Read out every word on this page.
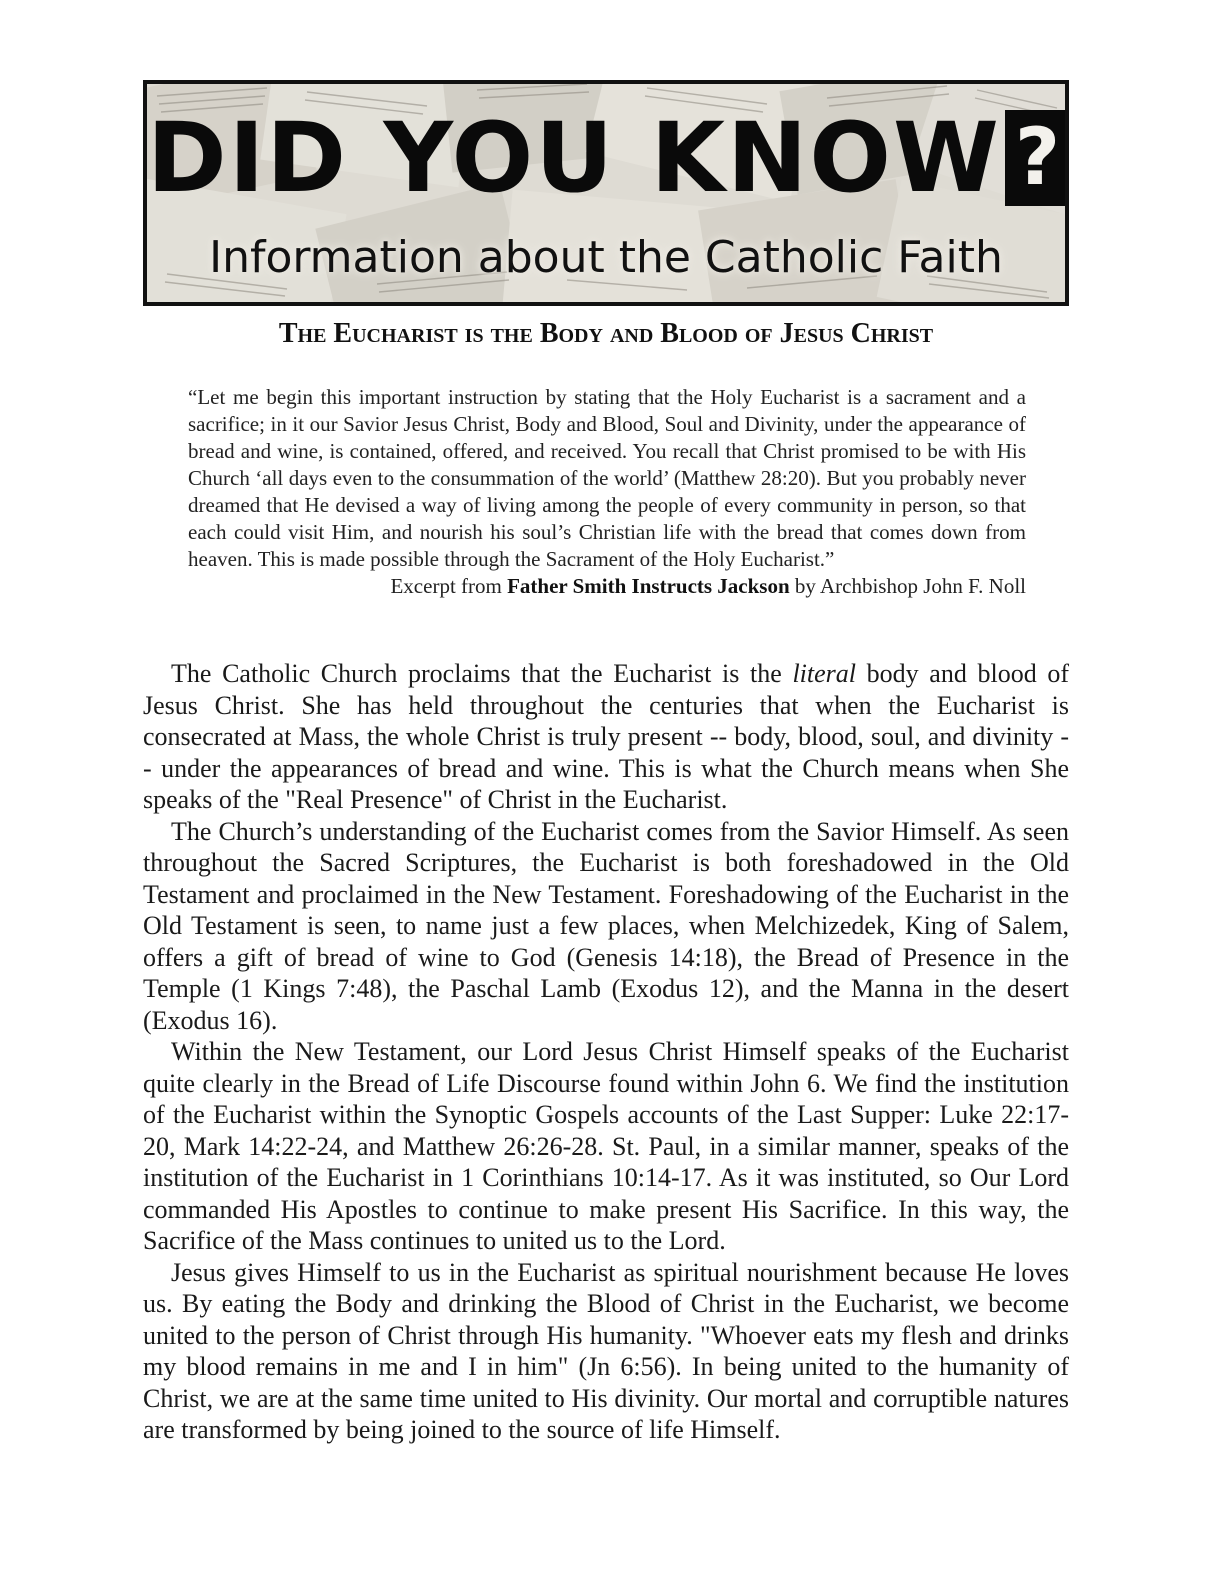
DID YOU KNOW ?
Information about the Catholic Faith
The Eucharist is the Body and Blood of Jesus Christ

“Let me begin this important instruction by stating that the Holy Eucharist is a sacrament and a sacrifice; in it our Savior Jesus Christ, Body and Blood, Soul and Divinity, under the appearance of bread and wine, is contained, offered, and received. You recall that Christ promised to be with His Church ‘all days even to the consummation of the world’ (Matthew 28:20). But you probably never dreamed that He devised a way of living among the people of every community in person, so that each could visit Him, and nourish his soul’s Christian life with the bread that comes down from heaven. This is made possible through the Sacrament of the Holy Eucharist.”

Excerpt from Father Smith Instructs Jackson by Archbishop John F. Noll

The Catholic Church proclaims that the Eucharist is the literal body and blood of Jesus Christ. She has held throughout the centuries that when the Eucharist is consecrated at Mass, the whole Christ is truly present -- body, blood, soul, and divinity -- under the appearances of bread and wine. This is what the Church means when She speaks of the "Real Presence" of Christ in the Eucharist.

The Church’s understanding of the Eucharist comes from the Savior Himself. As seen throughout the Sacred Scriptures, the Eucharist is both foreshadowed in the Old Testament and proclaimed in the New Testament. Foreshadowing of the Eucharist in the Old Testament is seen, to name just a few places, when Melchizedek, King of Salem, offers a gift of bread of wine to God (Genesis 14:18), the Bread of Presence in the Temple (1 Kings 7:48), the Paschal Lamb (Exodus 12), and the Manna in the desert (Exodus 16).

Within the New Testament, our Lord Jesus Christ Himself speaks of the Eucharist quite clearly in the Bread of Life Discourse found within John 6. We find the institution of the Eucharist within the Synoptic Gospels accounts of the Last Supper: Luke 22:17-20, Mark 14:22-24, and Matthew 26:26-28. St. Paul, in a similar manner, speaks of the institution of the Eucharist in 1 Corinthians 10:14-17. As it was instituted, so Our Lord commanded His Apostles to continue to make present His Sacrifice. In this way, the Sacrifice of the Mass continues to united us to the Lord.

Jesus gives Himself to us in the Eucharist as spiritual nourishment because He loves us. By eating the Body and drinking the Blood of Christ in the Eucharist, we become united to the person of Christ through His humanity. "Whoever eats my flesh and drinks my blood remains in me and I in him" (Jn 6:56). In being united to the humanity of Christ, we are at the same time united to His divinity. Our mortal and corruptible natures are transformed by being joined to the source of life Himself.
